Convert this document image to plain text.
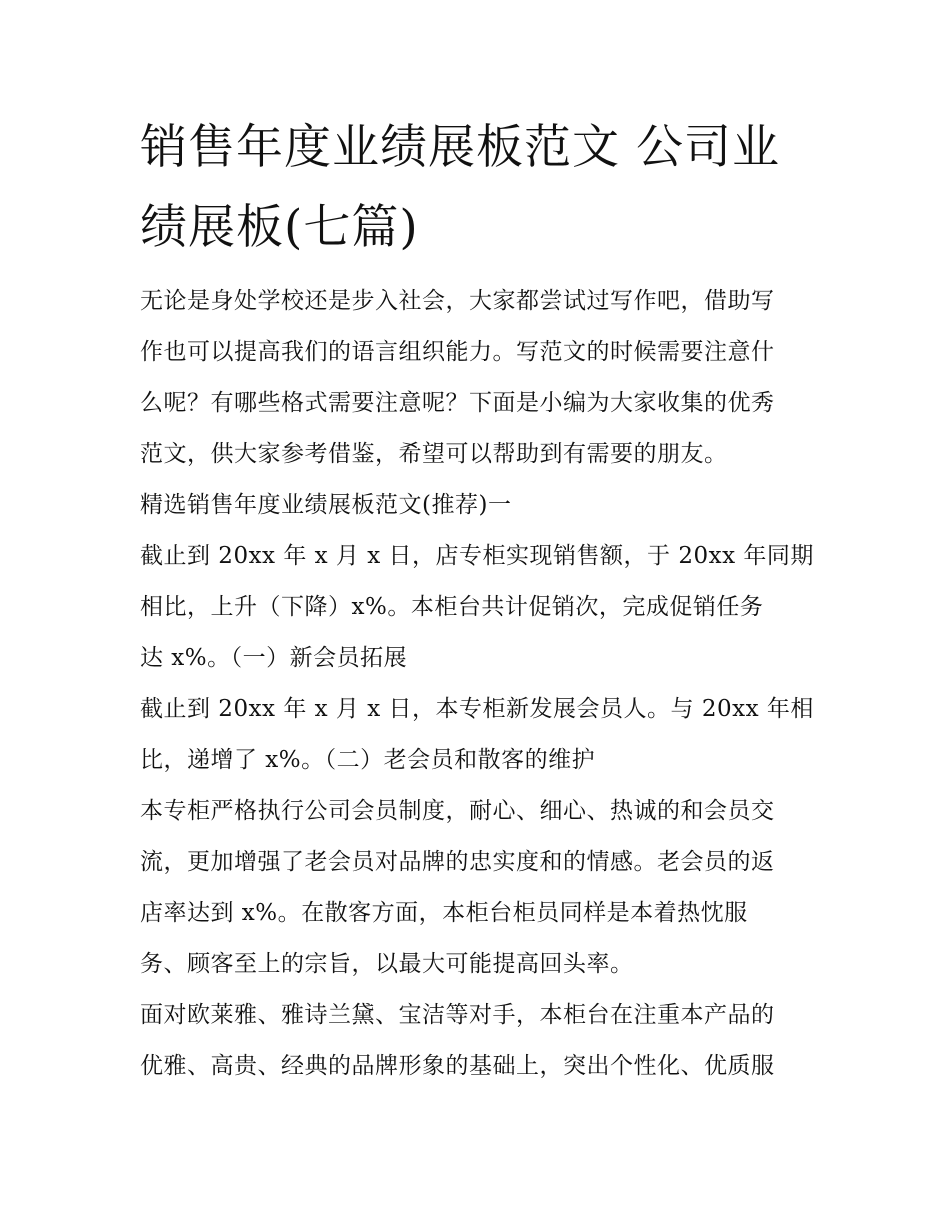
销售年度业绩展板范文 公司业
绩展板(七篇)
无论是身处学校还是步入社会，大家都尝试过写作吧，借助写
作也可以提高我们的语言组织能力。写范文的时候需要注意什
么呢？有哪些格式需要注意呢？下面是小编为大家收集的优秀
范文，供大家参考借鉴，希望可以帮助到有需要的朋友。
精选销售年度业绩展板范文(推荐)一
截止到 20xx 年 x 月 x 日，店专柜实现销售额，于 20xx 年同期
相比，上升（下降）x%。本柜台共计促销次，完成促销任务
达 x%。（一）新会员拓展
截止到 20xx 年 x 月 x 日，本专柜新发展会员人。与 20xx 年相
比，递增了 x%。（二）老会员和散客的维护
本专柜严格执行公司会员制度，耐心、细心、热诚的和会员交
流，更加增强了老会员对品牌的忠实度和的情感。老会员的返
店率达到 x%。在散客方面，本柜台柜员同样是本着热忱服
务、顾客至上的宗旨，以最大可能提高回头率。
面对欧莱雅、雅诗兰黛、宝洁等对手，本柜台在注重本产品的
优雅、高贵、经典的品牌形象的基础上，突出个性化、优质服
